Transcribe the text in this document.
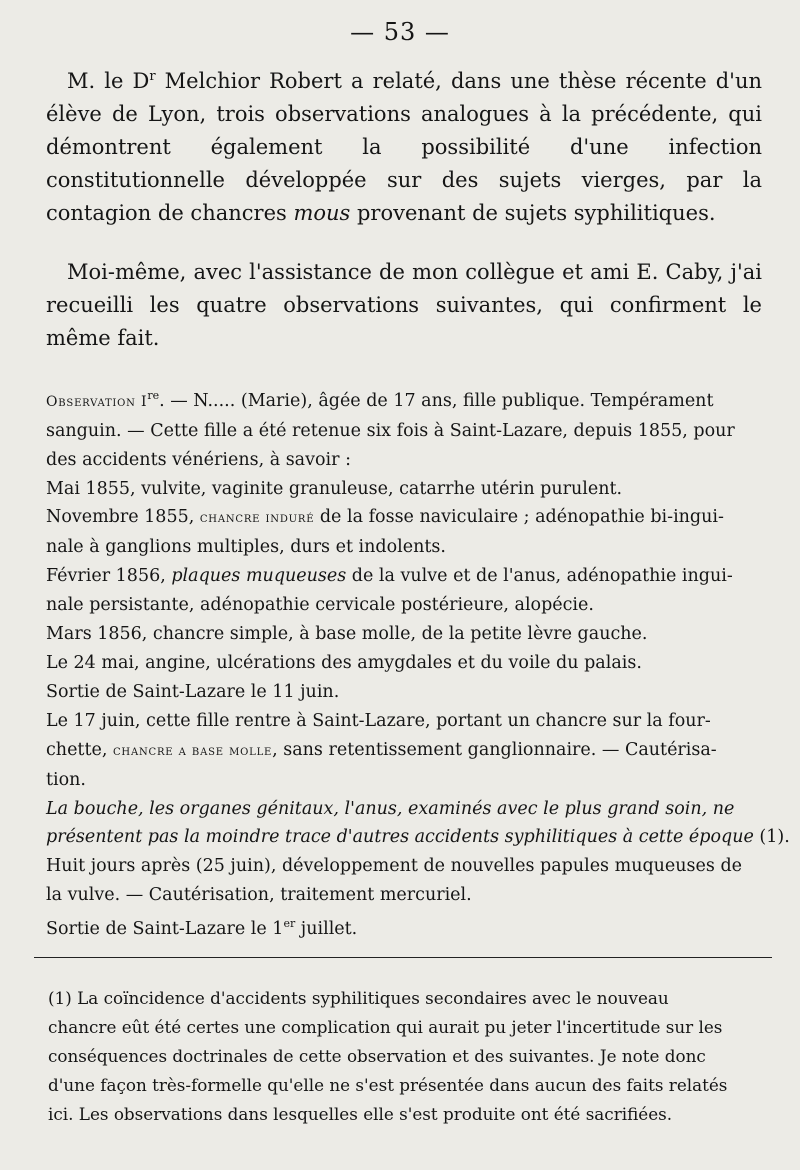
— 53 —

 M. le $D^r$ Melchior Robert a relaté, dans une thèse récente d'un élève de Lyon, trois observations analogues à la précédente, qui démontrent également la possibilité d'une infection constitutionnelle développée sur des sujets vierges, par la contagion de chancres mous provenant de sujets syphilitiques.

 Moi-même, avec l'assistance de mon collègue et ami E. Caby, j'ai recueilli les quatre observations suivantes, qui confirment le même fait.

Observation Ire. — N..... (Marie), âgée de 17 ans, fille publique. Tempérament
sanguin. — Cette fille a été retenue six fois à Saint-Lazare, depuis 1855, pour
des accidents vénériens, à savoir :
Mai 1855, vulvite, vaginite granuleuse, catarrhe utérin purulent.
Novembre 1855, chancre induré de la fosse naviculaire ; adénopathie bi-ingui-
nale à ganglions multiples, durs et indolents.
Février 1856, plaques muqueuses de la vulve et de l'anus, adénopathie ingui-
nale persistante, adénopathie cervicale postérieure, alopécie.
Mars 1856, chancre simple, à base molle, de la petite lèvre gauche.
Le 24 mai, angine, ulcérations des amygdales et du voile du palais.
Sortie de Saint-Lazare le 11 juin.
Le 17 juin, cette fille rentre à Saint-Lazare, portant un chancre sur la four-
chette, chancre a base molle, sans retentissement ganglionnaire. — Cautérisa-
tion.
La bouche, les organes génitaux, l'anus, examinés avec le plus grand soin, ne
présentent pas la moindre trace d'autres accidents syphilitiques à cette époque (1).
Huit jours après (25 juin), développement de nouvelles papules muqueuses de
la vulve. — Cautérisation, traitement mercuriel.
Sortie de Saint-Lazare le 1er juillet.
(1) La coïncidence d'accidents syphilitiques secondaires avec le nouveau
chancre eût été certes une complication qui aurait pu jeter l'incertitude sur les
conséquences doctrinales de cette observation et des suivantes. Je note donc
d'une façon très-formelle qu'elle ne s'est présentée dans aucun des faits relatés
ici. Les observations dans lesquelles elle s'est produite ont été sacrifiées.
